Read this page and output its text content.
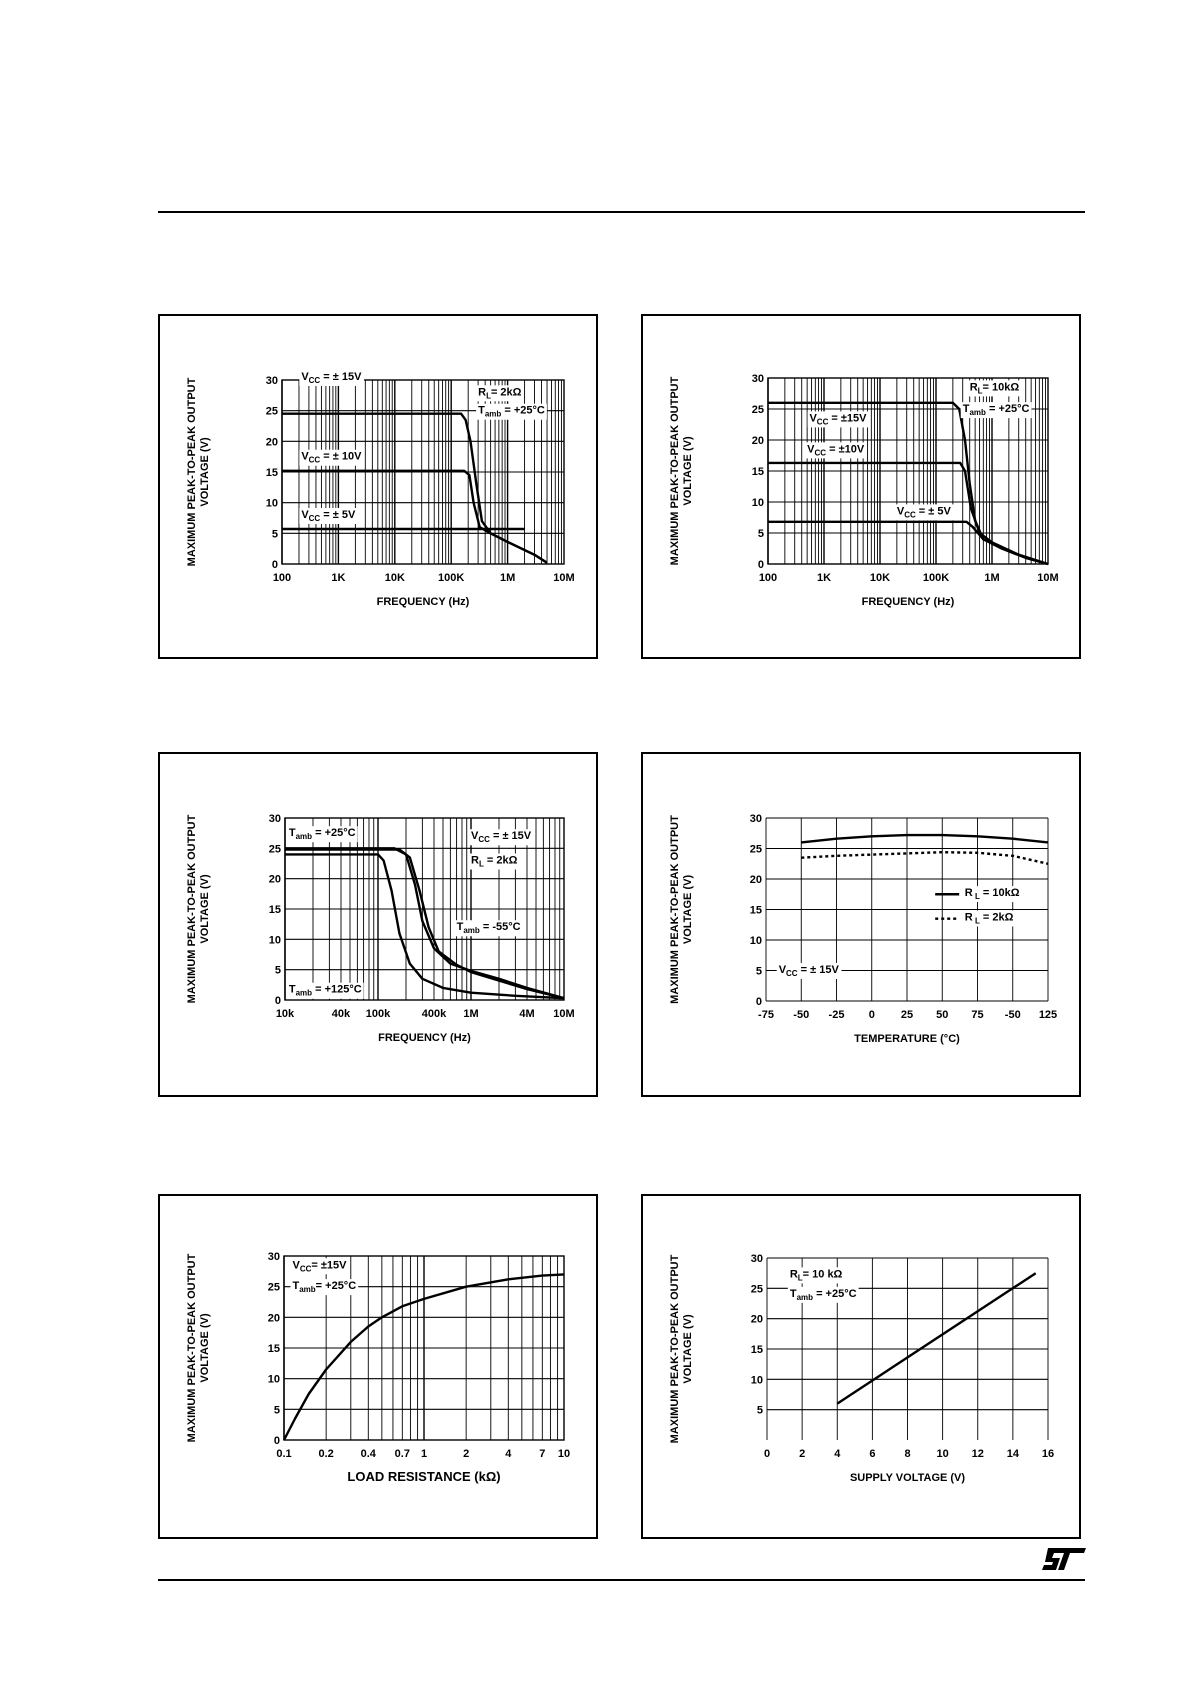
0
5
10
15
20
25
30
100	1K	10K	100K	1M	10M
FREQUENCY (Hz)
MAXIMUM PEAK-TO-PEAK OUTPUT VOLTAGE (V)
$V_{CC}$ = ± 15V
$V_{CC}$ = ± 10V
$V_{CC}$ = ± 5V
$R_L= 2k\Omega$
$T_{amb} = +25^\circ C$
0
5
10
15
20
25
30
100	1K	10K	100K	1M	10M
FREQUENCY (Hz)
MAXIMUM PEAK-TO-PEAK OUTPUT VOLTAGE (V)
$R_L= 10k\Omega$
$T_{amb} = +25^\circ C$
$V_{CC} = \pm 15V$
$V_{CC} = \pm 10V$
$V_{CC}$ = ± 5V
0
5
10
15
20
25
30
10k	40k 100k	400k 1M	4M 10M
FREQUENCY (Hz)
MAXIMUM PEAK-TO-PEAK OUTPUT VOLTAGE (V)
$T_{amb} = +25^\circ C$	$V_{CC}$ = ± 15V
$R_L = 2k\Omega$
$T_{amb} = -55^\circ C$
$T_{amb} = +125^\circ C$
0
5
10
15
20
25
30
-75 -50 -25 0 25 50 75 -50 125
TEMPERATURE (°C)
MAXIMUM PEAK-TO-PEAK OUTPUT VOLTAGE (V)	R $_L$ = 10kΩ
R $_L$ = 2kΩ
$V_{CC}$ = ± 15V
0
5
10
15
20
25
30
0.1 0.2 0.4 0.7 1	2	4	7 10
LOAD RESISTANCE (kΩ)
MAXIMUM PEAK-TO-PEAK OUTPUT VOLTAGE (V)
$V_{CC}= \pm 15V$
$T_{amb}= +25^\circ C$
5
10
15
20
25
30
0	2	4	6	8 10 12 14 16
SUPPLY VOLTAGE (V)
MAXIMUM PEAK-TO-PEAK OUTPUT VOLTAGE (V)
$R_L= 10$ kΩ
$T_{amb} = +25^\circ C$
